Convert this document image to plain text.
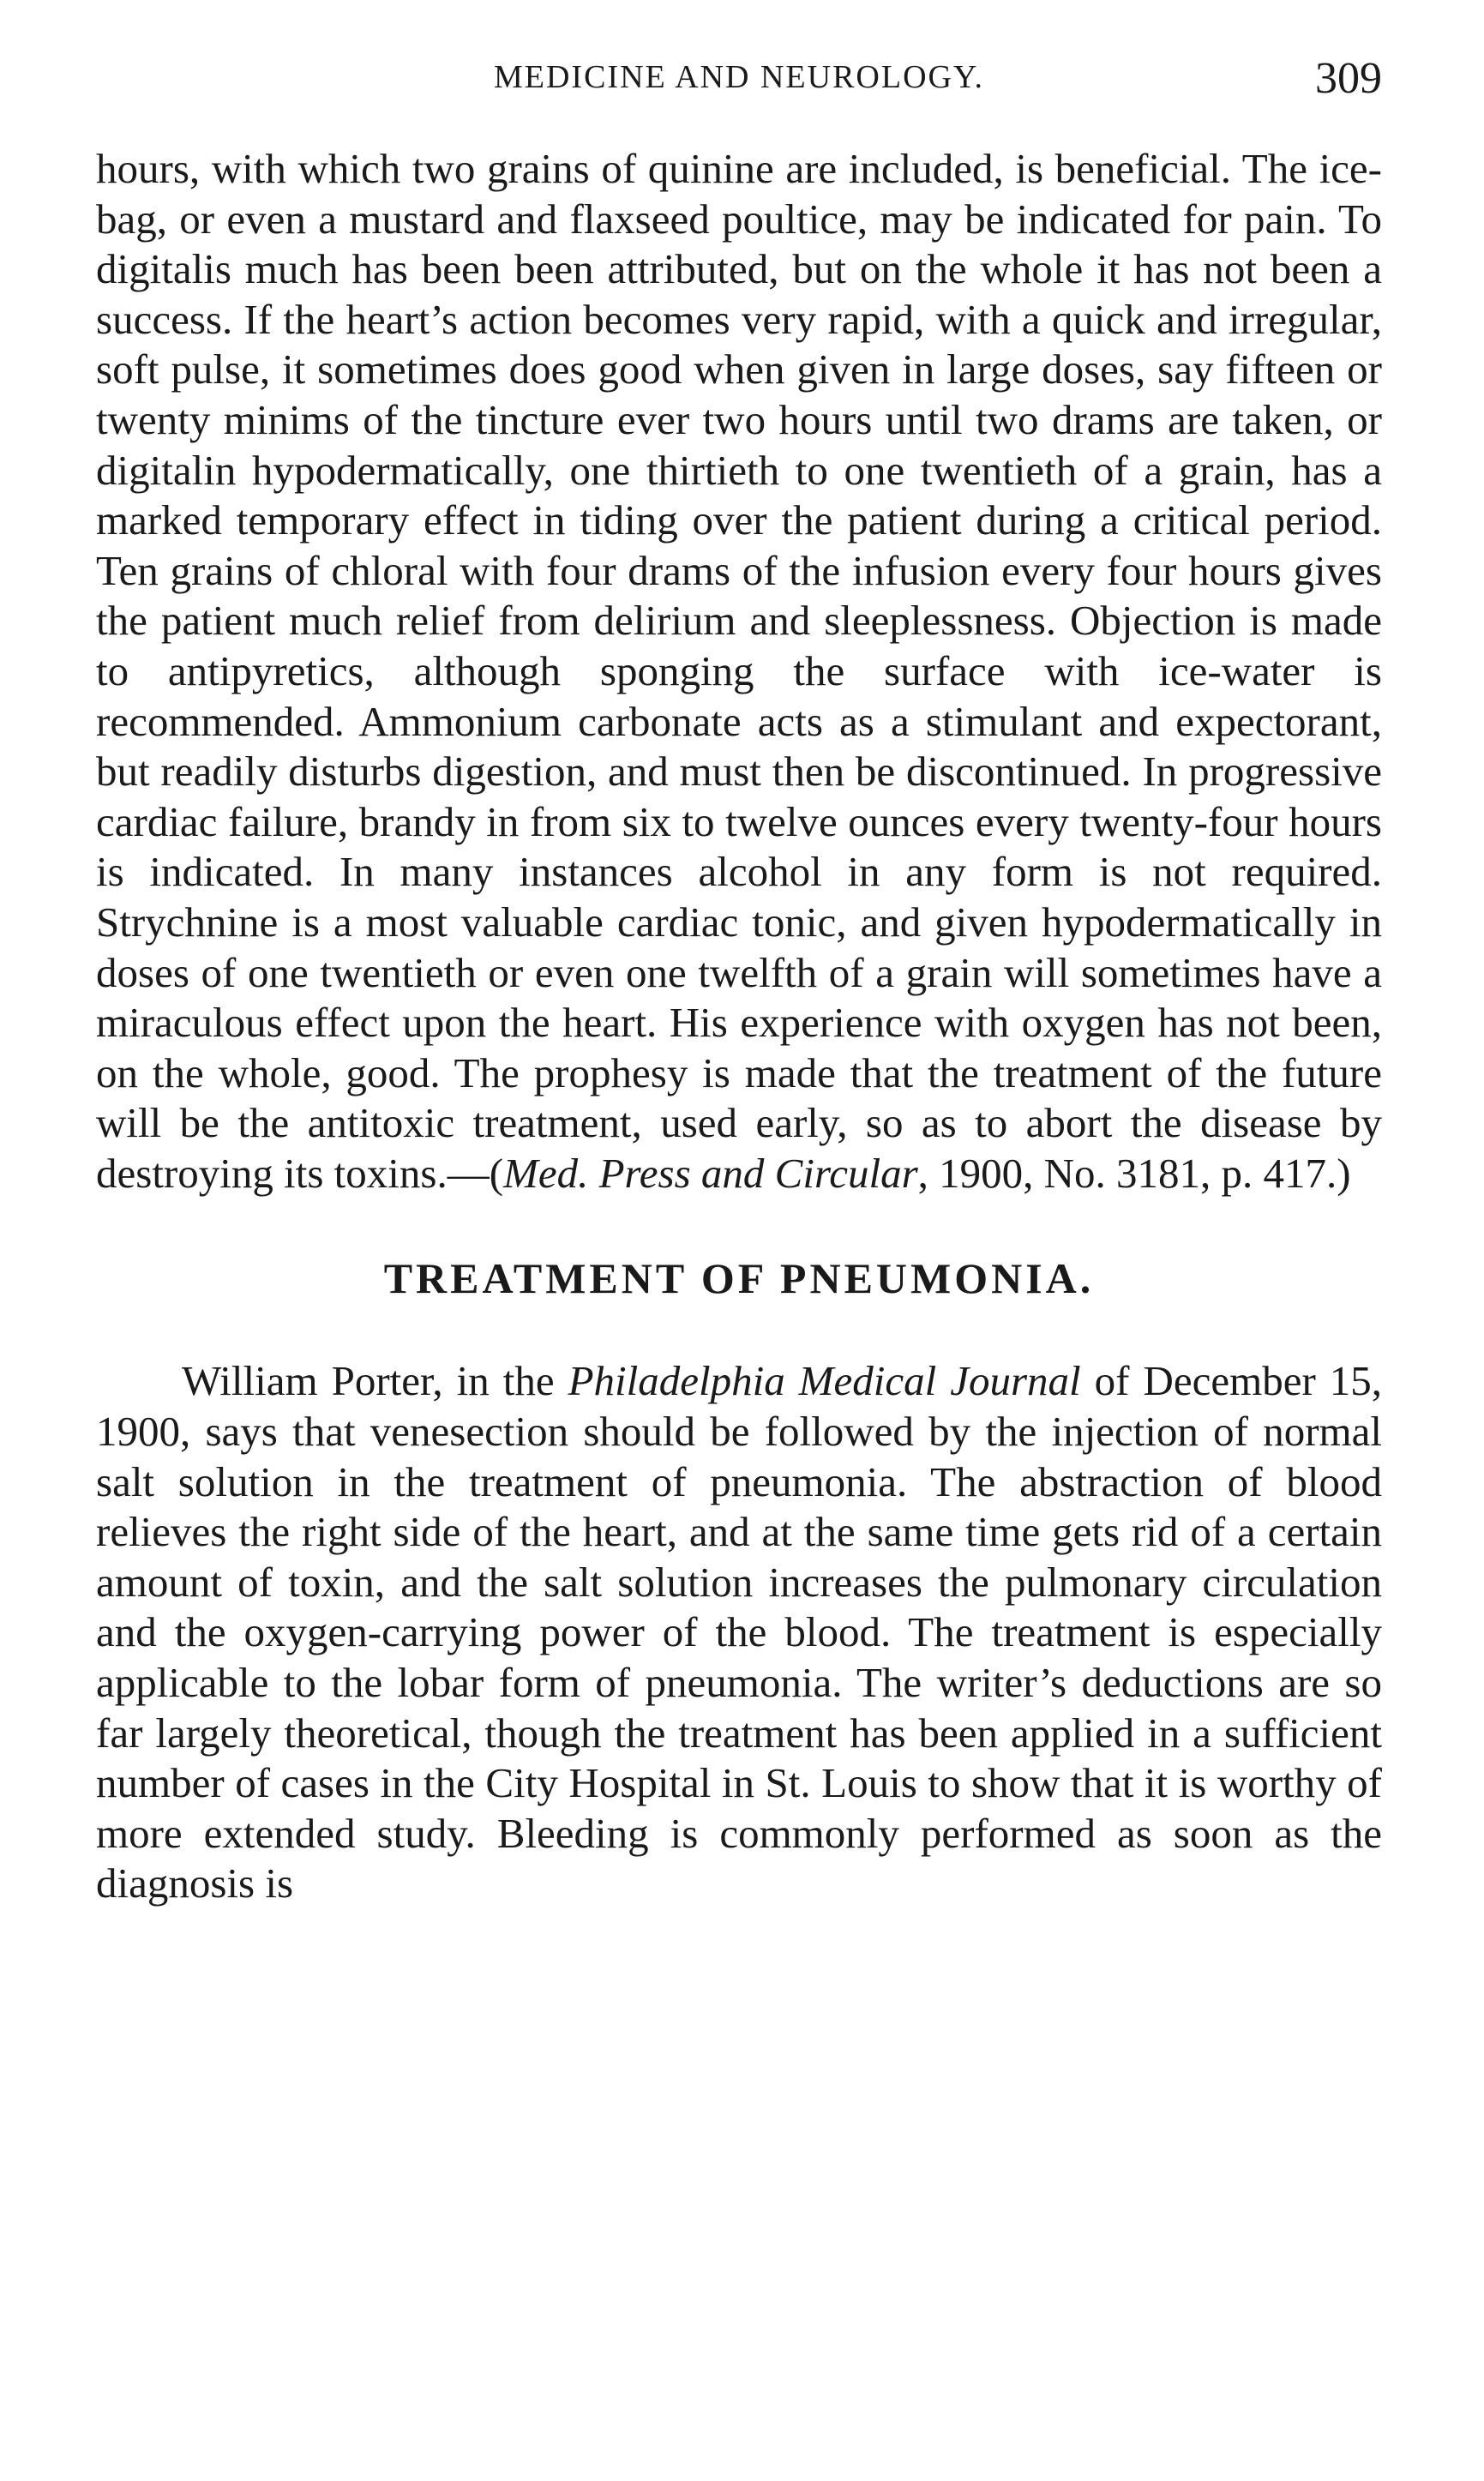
MEDICINE AND NEUROLOGY.	309

hours, with which two grains of quinine are included, is beneficial. The ice-bag, or even a mustard and flaxseed poultice, may be indicated for pain. To digitalis much has been been attributed, but on the whole it has not been a success. If the heart’s action becomes very rapid, with a quick and irregular, soft pulse, it sometimes does good when given in large doses, say fifteen or twenty minims of the tincture ever two hours until two drams are taken, or digitalin hypodermatically, one thirtieth to one twentieth of a grain, has a marked temporary effect in tiding over the patient during a critical period. Ten grains of chloral with four drams of the infusion every four hours gives the patient much relief from delirium and sleeplessness. Objection is made to antipyretics, although sponging the surface with ice-water is recommended. Ammonium carbonate acts as a stimulant and expectorant, but readily disturbs digestion, and must then be discontinued. In progressive cardiac failure, brandy in from six to twelve ounces every twenty-four hours is indicated. In many instances alcohol in any form is not required. Strychnine is a most valuable cardiac tonic, and given hypodermatically in doses of one twentieth or even one twelfth of a grain will sometimes have a miraculous effect upon the heart. His experience with oxygen has not been, on the whole, good. The prophesy is made that the treatment of the future will be the antitoxic treatment, used early, so as to abort the disease by destroying its toxins.—(Med. Press and Circular, 1900, No. 3181, p. 417.)

TREATMENT OF PNEUMONIA.

William Porter, in the Philadelphia Medical Journal of December 15, 1900, says that venesection should be followed by the injection of normal salt solution in the treatment of pneumonia. The abstraction of blood relieves the right side of the heart, and at the same time gets rid of a certain amount of toxin, and the salt solution increases the pulmonary circulation and the oxygen-carrying power of the blood. The treatment is especially applicable to the lobar form of pneumonia. The writer’s deductions are so far largely theoretical, though the treatment has been applied in a sufficient number of cases in the City Hospital in St. Louis to show that it is worthy of more extended study. Bleeding is commonly performed as soon as the diagnosis is
